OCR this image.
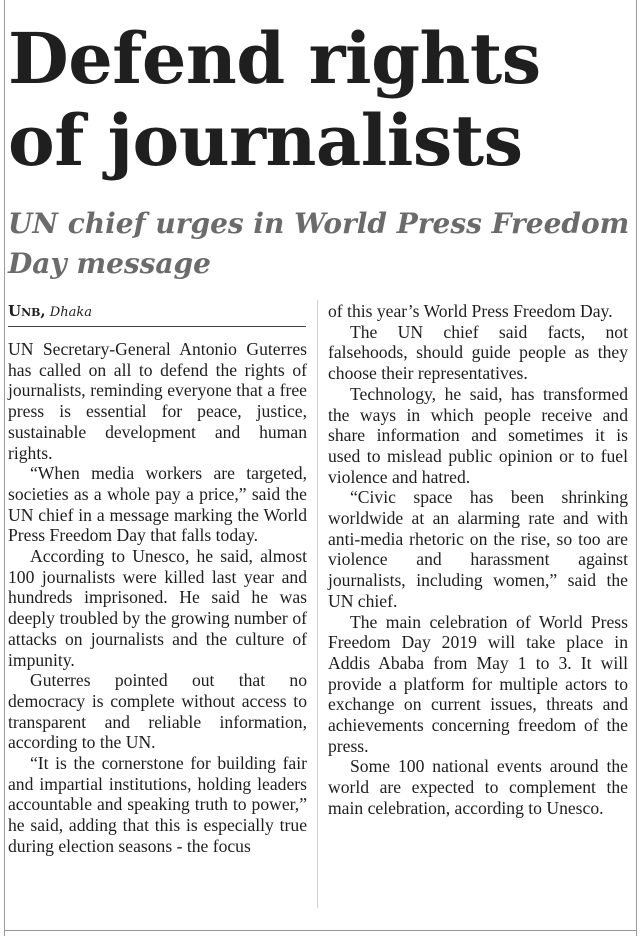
Defend rights of journalists
UN chief urges in World Press Freedom Day message
Unb, Dhaka

UN Secretary-General Antonio Guterres has called on all to defend the rights of journalists, reminding everyone that a free press is essential for peace, justice, sustainable development and human rights.

“When media workers are targeted, societies as a whole pay a price,” said the UN chief in a message marking the World Press Freedom Day that falls today.

According to Unesco, he said, almost 100 journalists were killed last year and hundreds imprisoned. He said he was deeply troubled by the growing number of attacks on journalists and the culture of impunity.

Guterres pointed out that no democracy is complete without access to transparent and reliable information, according to the UN.

“It is the cornerstone for building fair and impartial institutions, holding leaders accountable and speaking truth to power,” he said, adding that this is especially true during election seasons - the focus

of this year’s World Press Freedom Day.

The UN chief said facts, not falsehoods, should guide people as they choose their representatives.

Technology, he said, has transformed the ways in which people receive and share information and sometimes it is used to mislead public opinion or to fuel violence and hatred.

“Civic space has been shrinking worldwide at an alarming rate and with anti-media rhetoric on the rise, so too are violence and harassment against journalists, including women,” said the UN chief.

The main celebration of World Press Freedom Day 2019 will take place in Addis Ababa from May 1 to 3. It will provide a platform for multiple actors to exchange on current issues, threats and achievements concerning freedom of the press.

Some 100 national events around the world are expected to complement the main celebration, according to Unesco.
